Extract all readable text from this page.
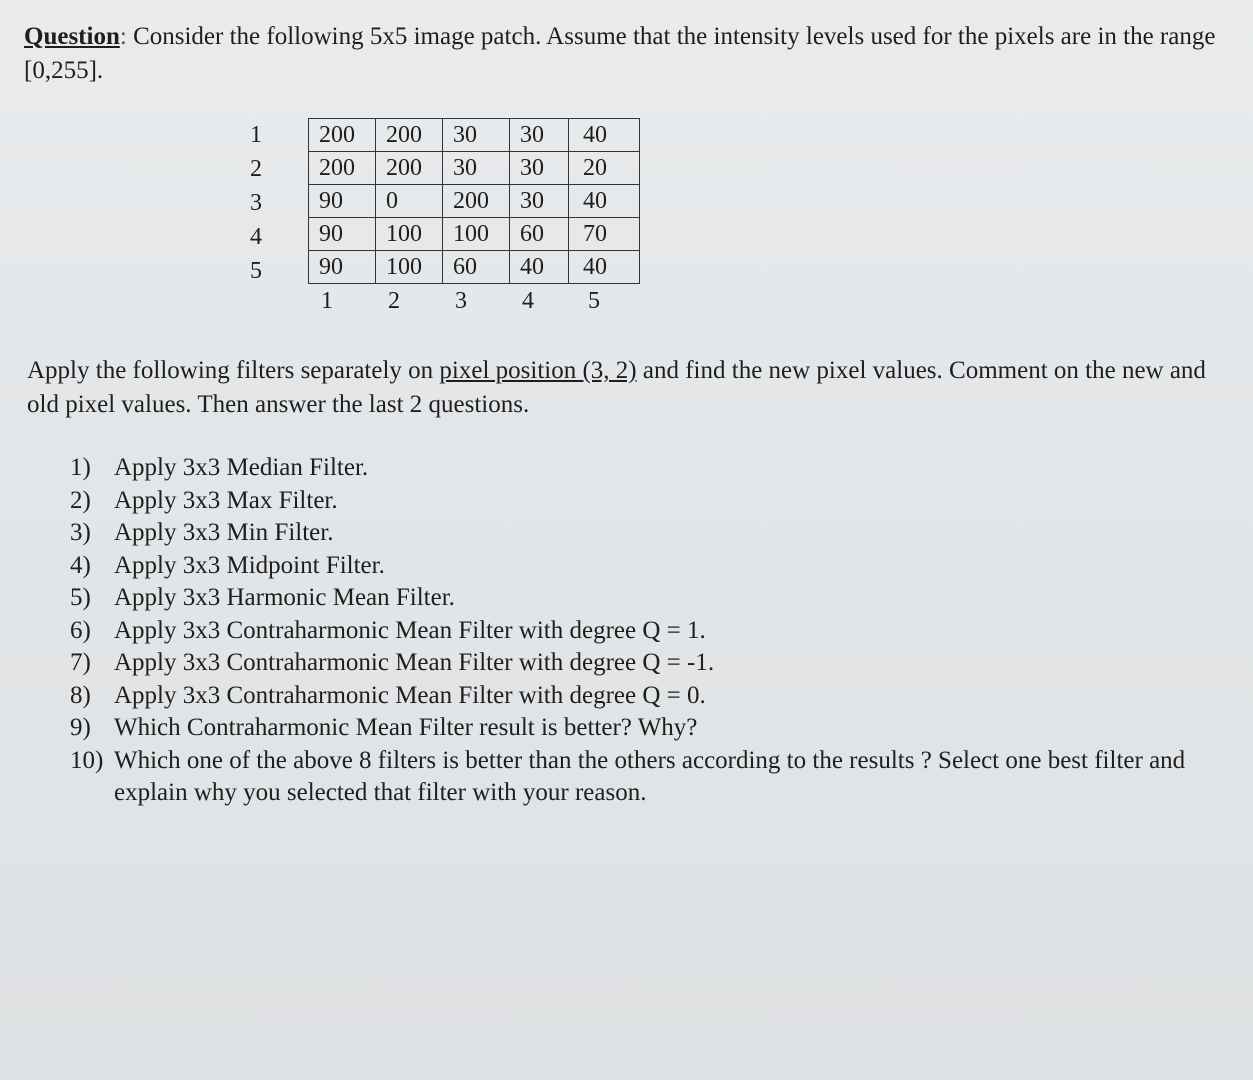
Question: Consider the following 5x5 image patch. Assume that the intensity levels used for the pixels are in the range [0,255].
1
2
3
4
5
200	200	30	30	40
200	200	30	30	20
90	0	200	30	40
90	100	100	60	70
90	100	60	40	40
1 2 3 4 5
Apply the following filters separately on pixel position (3, 2) and find the new pixel values. Comment on the new and old pixel values. Then answer the last 2 questions.
1) Apply 3x3 Median Filter.
2) Apply 3x3 Max Filter.
3) Apply 3x3 Min Filter.
4) Apply 3x3 Midpoint Filter.
5) Apply 3x3 Harmonic Mean Filter.
6) Apply 3x3 Contraharmonic Mean Filter with degree Q = 1.
7) Apply 3x3 Contraharmonic Mean Filter with degree Q = -1.
8) Apply 3x3 Contraharmonic Mean Filter with degree Q = 0.
9) Which Contraharmonic Mean Filter result is better? Why?
10) Which one of the above 8 filters is better than the others according to the results ? Select one best filter and explain why you selected that filter with your reason.
